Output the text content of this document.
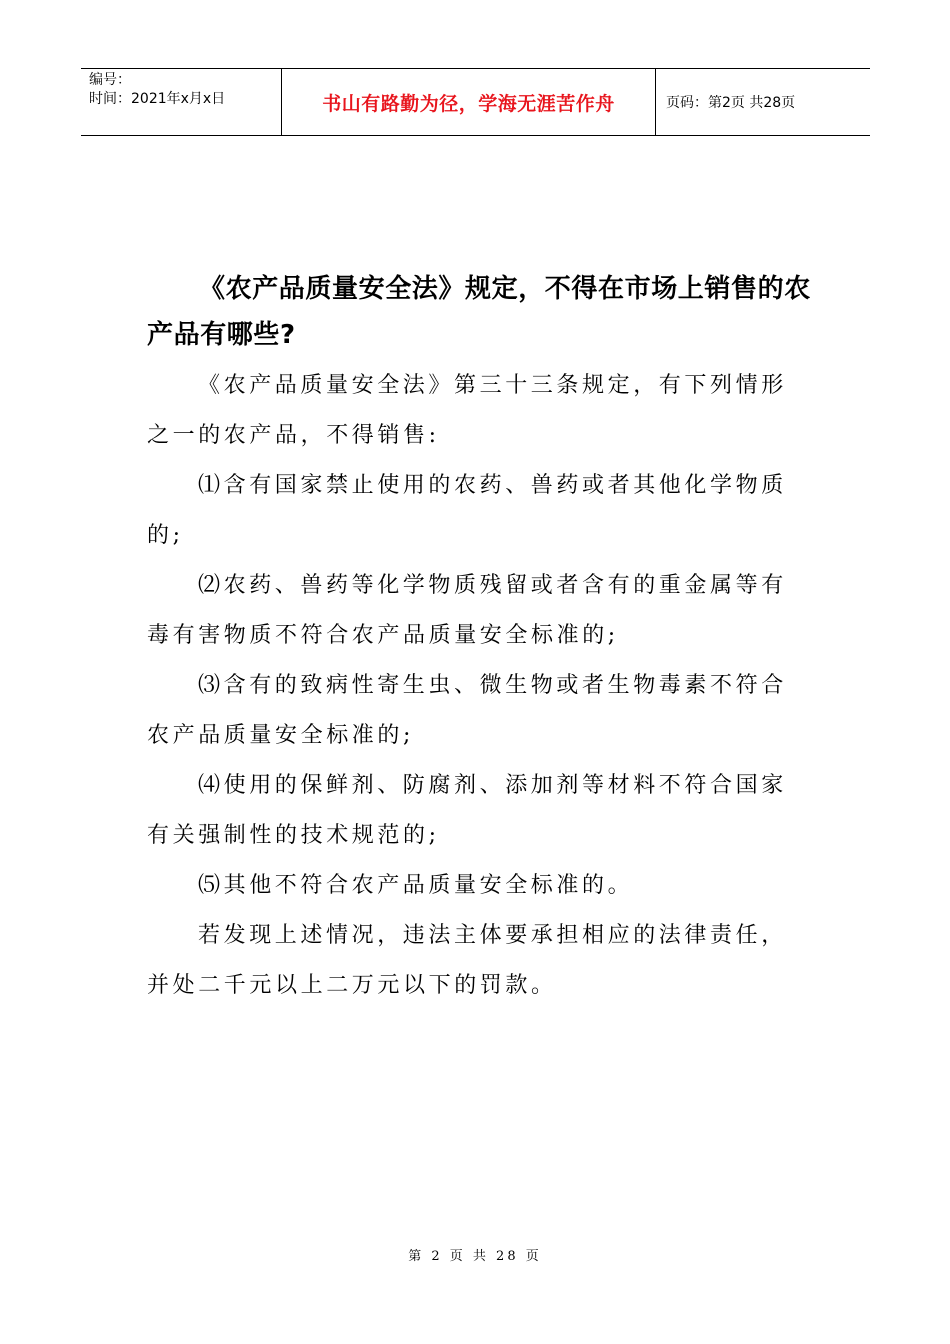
编号：
时间：2021年x月x日	书山有路勤为径，学海无涯苦作舟	页码：第2页 共28页
《农产品质量安全法》规定，不得在市场上销售的农产品有哪些?

《农产品质量安全法》第三十三条规定，有下列情形之一的农产品，不得销售:

⑴含有国家禁止使用的农药、兽药或者其他化学物质的;

⑵农药、兽药等化学物质残留或者含有的重金属等有毒有害物质不符合农产品质量安全标准的;

⑶含有的致病性寄生虫、微生物或者生物毒素不符合农产品质量安全标准的;

⑷使用的保鲜剂、防腐剂、添加剂等材料不符合国家有关强制性的技术规范的;

⑸其他不符合农产品质量安全标准的。

若发现上述情况，违法主体要承担相应的法律责任，并处二千元以上二万元以下的罚款。

第 2 页 共 28 页
